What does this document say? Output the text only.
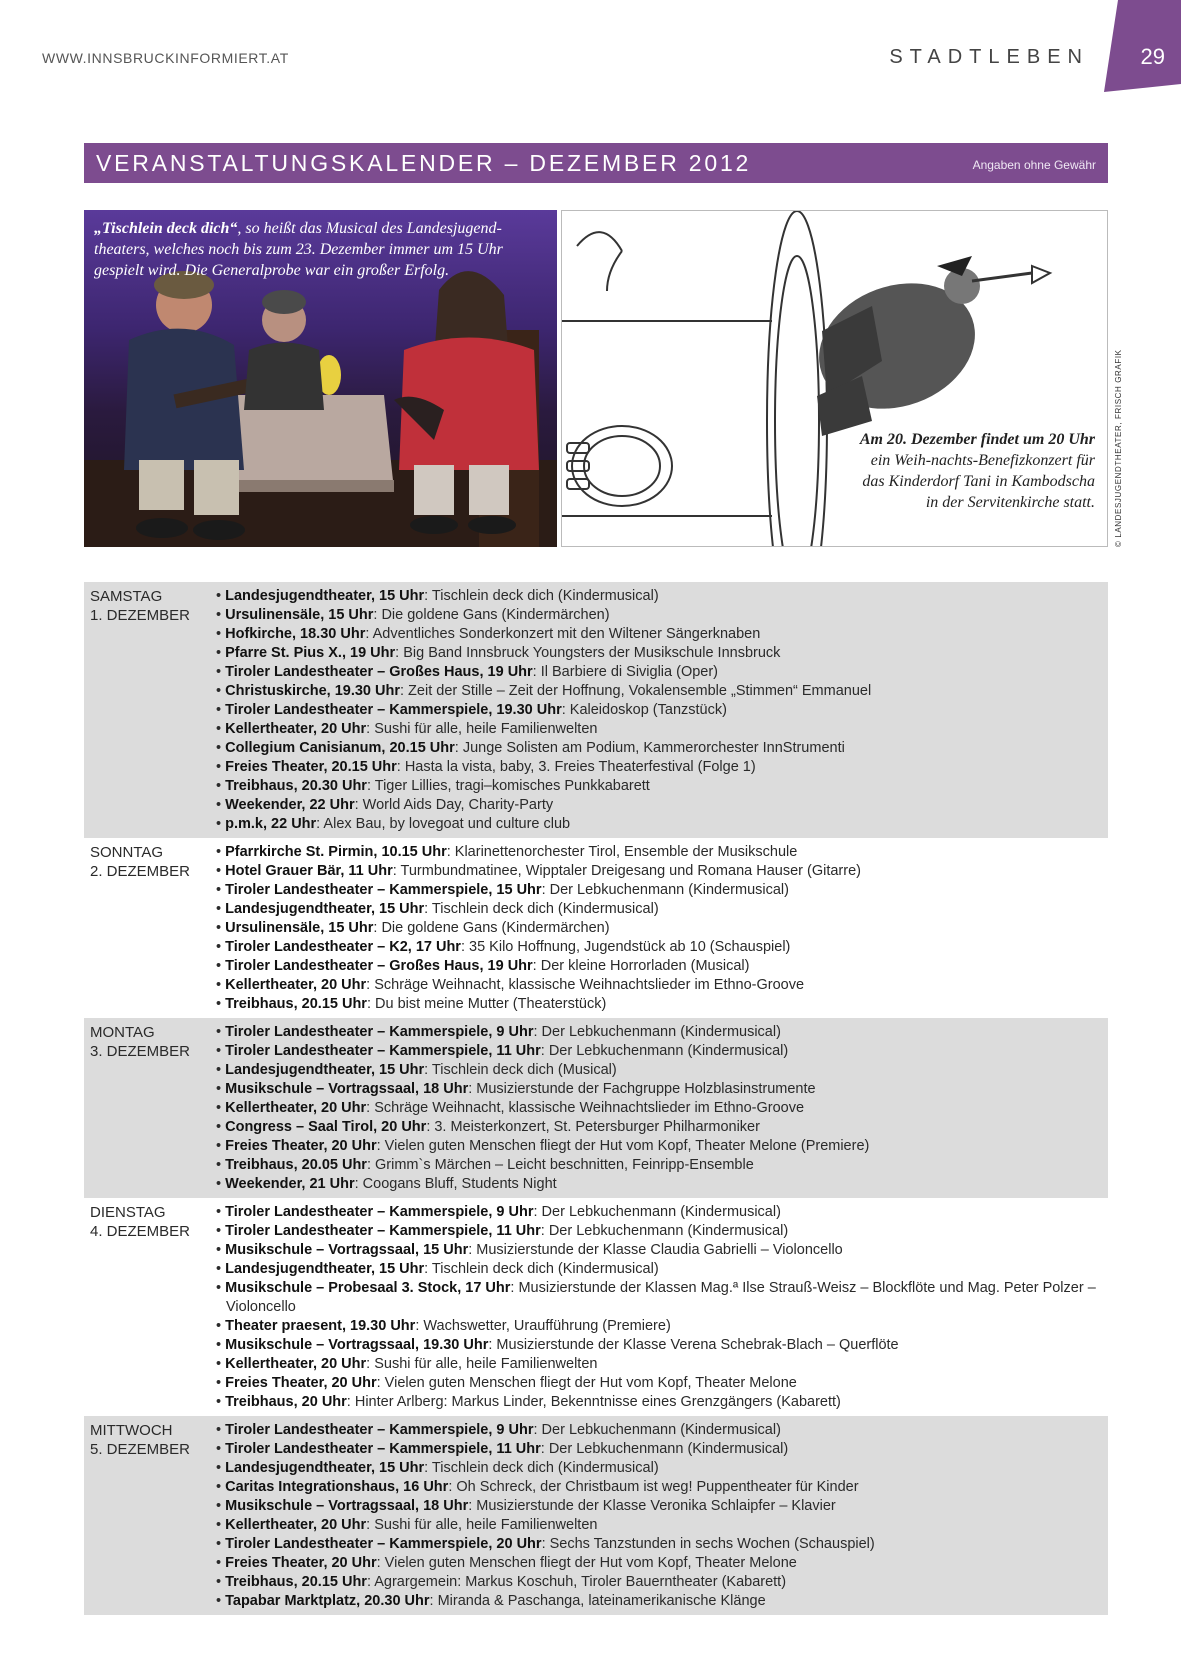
WWW.INNSBRUCKINFORMIERT.AT	STADTLEBEN 29
VERANSTALTUNGSKALENDER – DEZEMBER 2012	Angaben ohne Gewähr
„Tischlein deck dich“, so heißt das Musical des Landesjugend-theaters, welches noch bis zum 23. Dezember immer um 15 Uhr gespielt wird. Die Generalprobe war ein großer Erfolg.
Am 20. Dezember findet um 20 Uhr ein Weih-nachts-Benefizkonzert für das Kinderdorf Tani in Kambodscha in der Servitenkirche statt. © LANDESJUGENDTHEATER, FRISCH GRAFIK
SAMSTAG
1. DEZEMBER
• Landesjugendtheater, 15 Uhr: Tischlein deck dich (Kindermusical)
• Ursulinensäle, 15 Uhr: Die goldene Gans (Kindermärchen)
• Hofkirche, 18.30 Uhr: Adventliches Sonderkonzert mit den Wiltener Sängerknaben
• Pfarre St. Pius X., 19 Uhr: Big Band Innsbruck Youngsters der Musikschule Innsbruck
• Tiroler Landestheater – Großes Haus, 19 Uhr: Il Barbiere di Siviglia (Oper)
• Christuskirche, 19.30 Uhr: Zeit der Stille – Zeit der Hoffnung, Vokalensemble „Stimmen“ Emmanuel
• Tiroler Landestheater – Kammerspiele, 19.30 Uhr: Kaleidoskop (Tanzstück)
• Kellertheater, 20 Uhr: Sushi für alle, heile Familienwelten
• Collegium Canisianum, 20.15 Uhr: Junge Solisten am Podium, Kammerorchester InnStrumenti
• Freies Theater, 20.15 Uhr: Hasta la vista, baby, 3. Freies Theaterfestival (Folge 1)
• Treibhaus, 20.30 Uhr: Tiger Lillies, tragi–komisches Punkkabarett
• Weekender, 22 Uhr: World Aids Day, Charity-Party
• p.m.k, 22 Uhr: Alex Bau, by lovegoat und culture club
SONNTAG
2. DEZEMBER
• Pfarrkirche St. Pirmin, 10.15 Uhr: Klarinettenorchester Tirol, Ensemble der Musikschule
• Hotel Grauer Bär, 11 Uhr: Turmbundmatinee, Wipptaler Dreigesang und Romana Hauser (Gitarre)
• Tiroler Landestheater – Kammerspiele, 15 Uhr: Der Lebkuchenmann (Kindermusical)
• Landesjugendtheater, 15 Uhr: Tischlein deck dich (Kindermusical)
• Ursulinensäle, 15 Uhr: Die goldene Gans (Kindermärchen)
• Tiroler Landestheater – K2, 17 Uhr: 35 Kilo Hoffnung, Jugendstück ab 10 (Schauspiel)
• Tiroler Landestheater – Großes Haus, 19 Uhr: Der kleine Horrorladen (Musical)
• Kellertheater, 20 Uhr: Schräge Weihnacht, klassische Weihnachtslieder im Ethno-Groove
• Treibhaus, 20.15 Uhr: Du bist meine Mutter (Theaterstück)
MONTAG
3. DEZEMBER
• Tiroler Landestheater – Kammerspiele, 9 Uhr: Der Lebkuchenmann (Kindermusical)
• Tiroler Landestheater – Kammerspiele, 11 Uhr: Der Lebkuchenmann (Kindermusical)
• Landesjugendtheater, 15 Uhr: Tischlein deck dich (Musical)
• Musikschule – Vortragssaal, 18 Uhr: Musizierstunde der Fachgruppe Holzblasinstrumente
• Kellertheater, 20 Uhr: Schräge Weihnacht, klassische Weihnachtslieder im Ethno-Groove
• Congress – Saal Tirol, 20 Uhr: 3. Meisterkonzert, St. Petersburger Philharmoniker
• Freies Theater, 20 Uhr: Vielen guten Menschen fliegt der Hut vom Kopf, Theater Melone (Premiere)
• Treibhaus, 20.05 Uhr: Grimm`s Märchen – Leicht beschnitten, Feinripp-Ensemble
• Weekender, 21 Uhr: Coogans Bluff, Students Night
DIENSTAG
4. DEZEMBER
• Tiroler Landestheater – Kammerspiele, 9 Uhr: Der Lebkuchenmann (Kindermusical)
• Tiroler Landestheater – Kammerspiele, 11 Uhr: Der Lebkuchenmann (Kindermusical)
• Musikschule – Vortragssaal, 15 Uhr: Musizierstunde der Klasse Claudia Gabrielli – Violoncello
• Landesjugendtheater, 15 Uhr: Tischlein deck dich (Kindermusical)
• Musikschule – Probesaal 3. Stock, 17 Uhr: Musizierstunde der Klassen Mag.ª Ilse Strauß-Weisz – Blockflöte und Mag. Peter Polzer – Violoncello
• Theater praesent, 19.30 Uhr: Wachswetter, Uraufführung (Premiere)
• Musikschule – Vortragssaal, 19.30 Uhr: Musizierstunde der Klasse Verena Schebrak-Blach – Querflöte
• Kellertheater, 20 Uhr: Sushi für alle, heile Familienwelten
• Freies Theater, 20 Uhr: Vielen guten Menschen fliegt der Hut vom Kopf, Theater Melone
• Treibhaus, 20 Uhr: Hinter Arlberg: Markus Linder, Bekenntnisse eines Grenzgängers (Kabarett)
MITTWOCH
5. DEZEMBER
• Tiroler Landestheater – Kammerspiele, 9 Uhr: Der Lebkuchenmann (Kindermusical)
• Tiroler Landestheater – Kammerspiele, 11 Uhr: Der Lebkuchenmann (Kindermusical)
• Landesjugendtheater, 15 Uhr: Tischlein deck dich (Kindermusical)
• Caritas Integrationshaus, 16 Uhr: Oh Schreck, der Christbaum ist weg! Puppentheater für Kinder
• Musikschule – Vortragssaal, 18 Uhr: Musizierstunde der Klasse Veronika Schlaipfer – Klavier
• Kellertheater, 20 Uhr: Sushi für alle, heile Familienwelten
• Tiroler Landestheater – Kammerspiele, 20 Uhr: Sechs Tanzstunden in sechs Wochen (Schauspiel)
• Freies Theater, 20 Uhr: Vielen guten Menschen fliegt der Hut vom Kopf, Theater Melone
• Treibhaus, 20.15 Uhr: Agrargemein: Markus Koschuh, Tiroler Bauerntheater (Kabarett)
• Tapabar Marktplatz, 20.30 Uhr: Miranda & Paschanga, lateinamerikanische Klänge
